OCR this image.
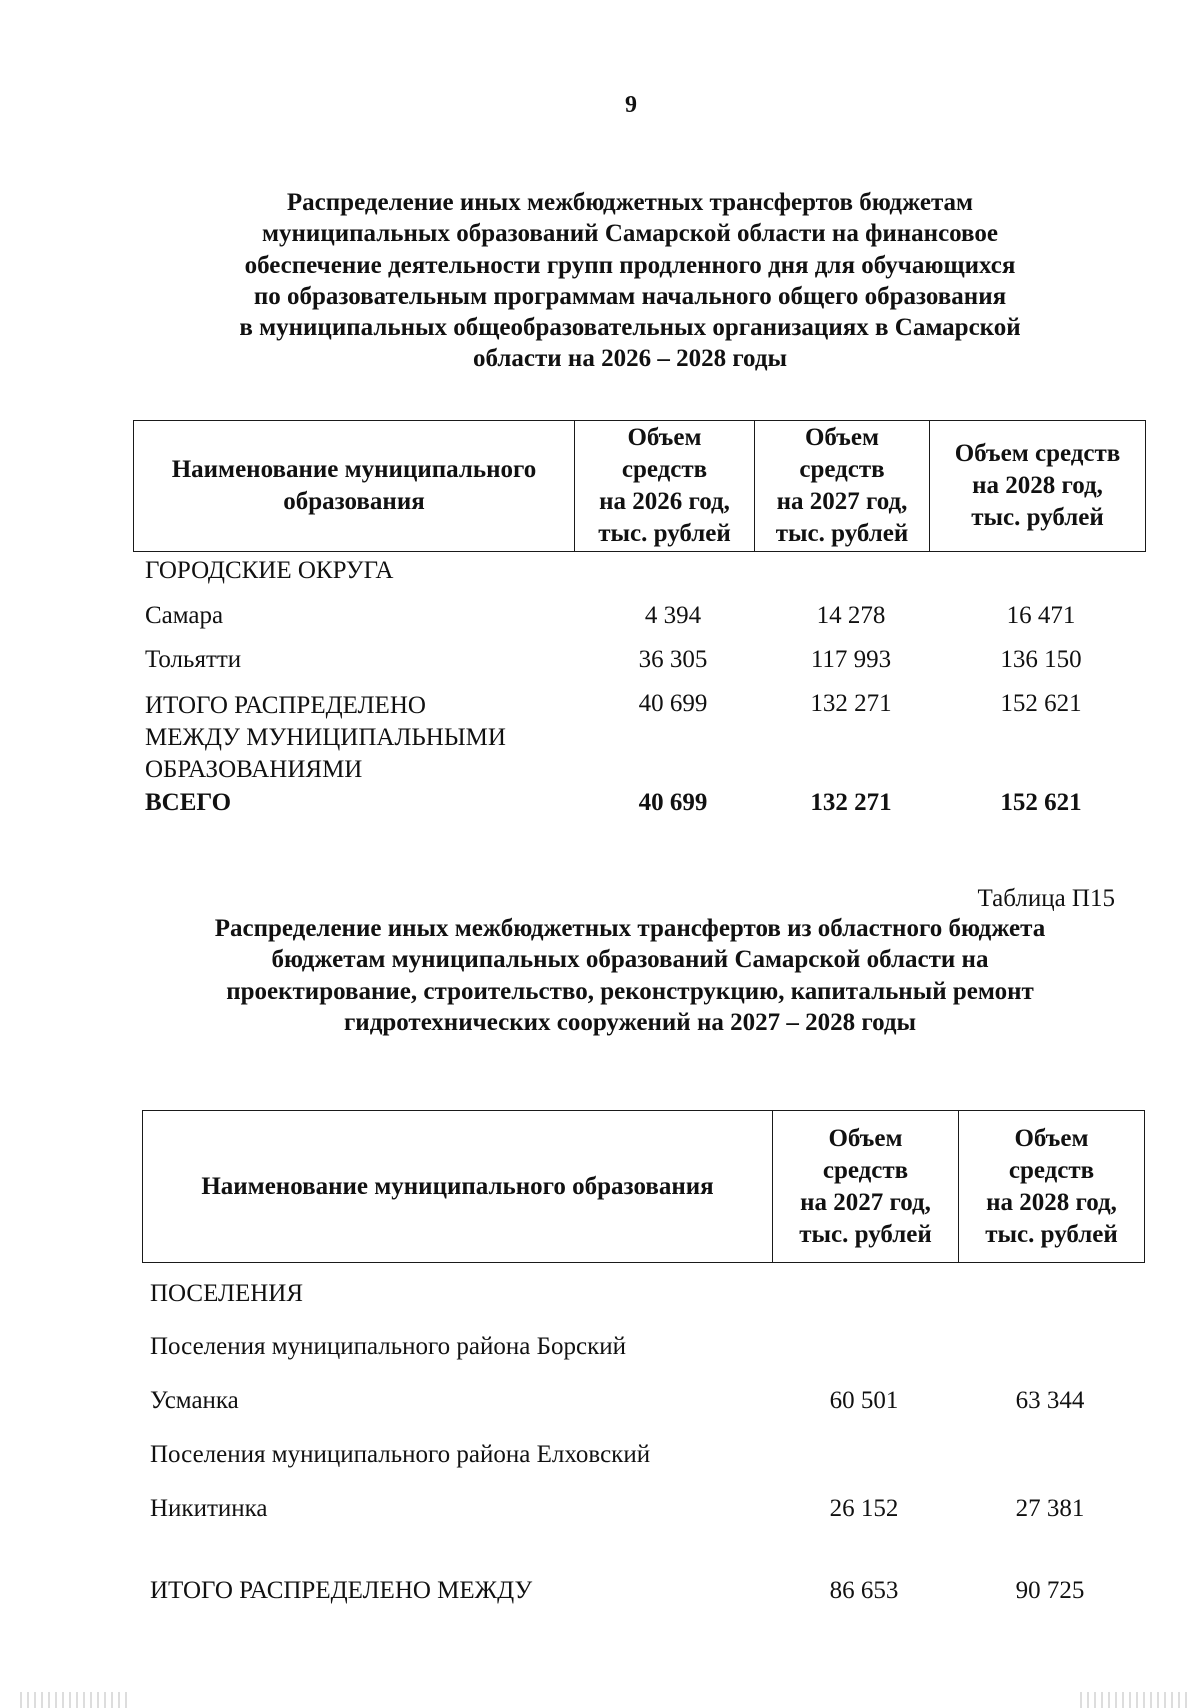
9
Распределение иных межбюджетных трансфертов бюджетам
муниципальных образований Самарской области на финансовое
обеспечение деятельности групп продленного дня для обучающихся
по образовательным программам начального общего образования
в муниципальных общеобразовательных организациях в Самарской
области на 2026 – 2028 годы
Наименование муниципального
образования

Объем
средств
на 2026 год,
тыс. рублей

Объем
средств
на 2027 год,
тыс. рублей

Объем средств
на 2028 год,
тыс. рублей
ГОРОДСКИЕ ОКРУГА
Самара	4 394	14 278	16 471
Тольятти	36 305	117 993	136 150
ИТОГО РАСПРЕДЕЛЕНО
МЕЖДУ МУНИЦИПАЛЬНЫМИ
ОБРАЗОВАНИЯМИ
40 699	132 271	152 621
ВСЕГО	40 699	132 271	152 621
Таблица П15
Распределение иных межбюджетных трансфертов из областного бюджета
бюджетам муниципальных образований Самарской области на
проектирование, строительство, реконструкцию, капитальный ремонт
гидротехнических сооружений на 2027 – 2028 годы
Наименование муниципального образования

Объем
средств
на 2027 год,
тыс. рублей

Объем
средств
на 2028 год,
тыс. рублей
ПОСЕЛЕНИЯ
Поселения муниципального района Борский
Усманка	60 501	63 344
Поселения муниципального района Елховский
Никитинка	26 152	27 381
ИТОГО РАСПРЕДЕЛЕНО МЕЖДУ	86 653	90 725
